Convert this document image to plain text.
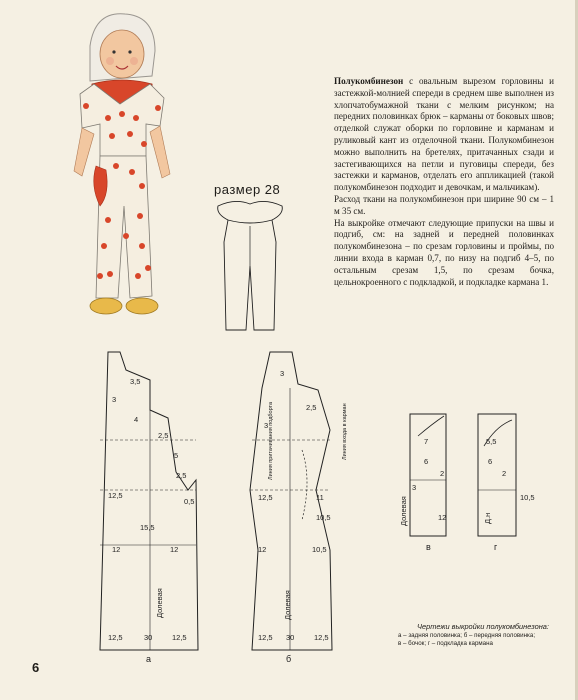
размер 28

Полукомбинезон с овальным вырезом горловины и застежкой-молнией спереди в среднем шве выполнен из хлопчатобумажной ткани с мелким рисунком; на передних половинках брюк – карманы от боковых швов; отделкой служат оборки по горловине и карманам и руликовый кант из отделочной ткани. Полукомбинезон можно выполнить на бретелях, притачанных сзади и застегивающихся на петли и пуговицы спереди, без застежки и карманов, отделать его аппликацией (такой полукомбинезон подходит и девочкам, и мальчикам).

Расход ткани на полукомбинезон при ширине 90 см – 1 м 35 см.

На выкройке отмечают следующие припуски на швы и подгиб, см: на задней и передней половинках полукомбинезона – по срезам горловины и проймы, по линии входа в карман 0,7, по низу на подгиб 4–5, по остальным срезам 1,5, по срезам бочка, цельнокроенного с подкладкой, и подкладке кармана 1.

3,5
3
4
2,5
5
2,5
12,5
0,5
12
15,5
12
12,5	30	12,5
а
Долевая
3
2,5
3
12,5	11
10,5
12	10,5
12,5 30	12,5
б
Долевая
Линия входа в карман
Линия притачивания подборта	7
6
2
3
12
в
Долевая
5,5
6
2
10,5
г
Д.н
Чертежи выкройки полукомбинезона:
а – задняя половинка; б – передняя половинка;
в – бочок; г – подкладка кармана
6
